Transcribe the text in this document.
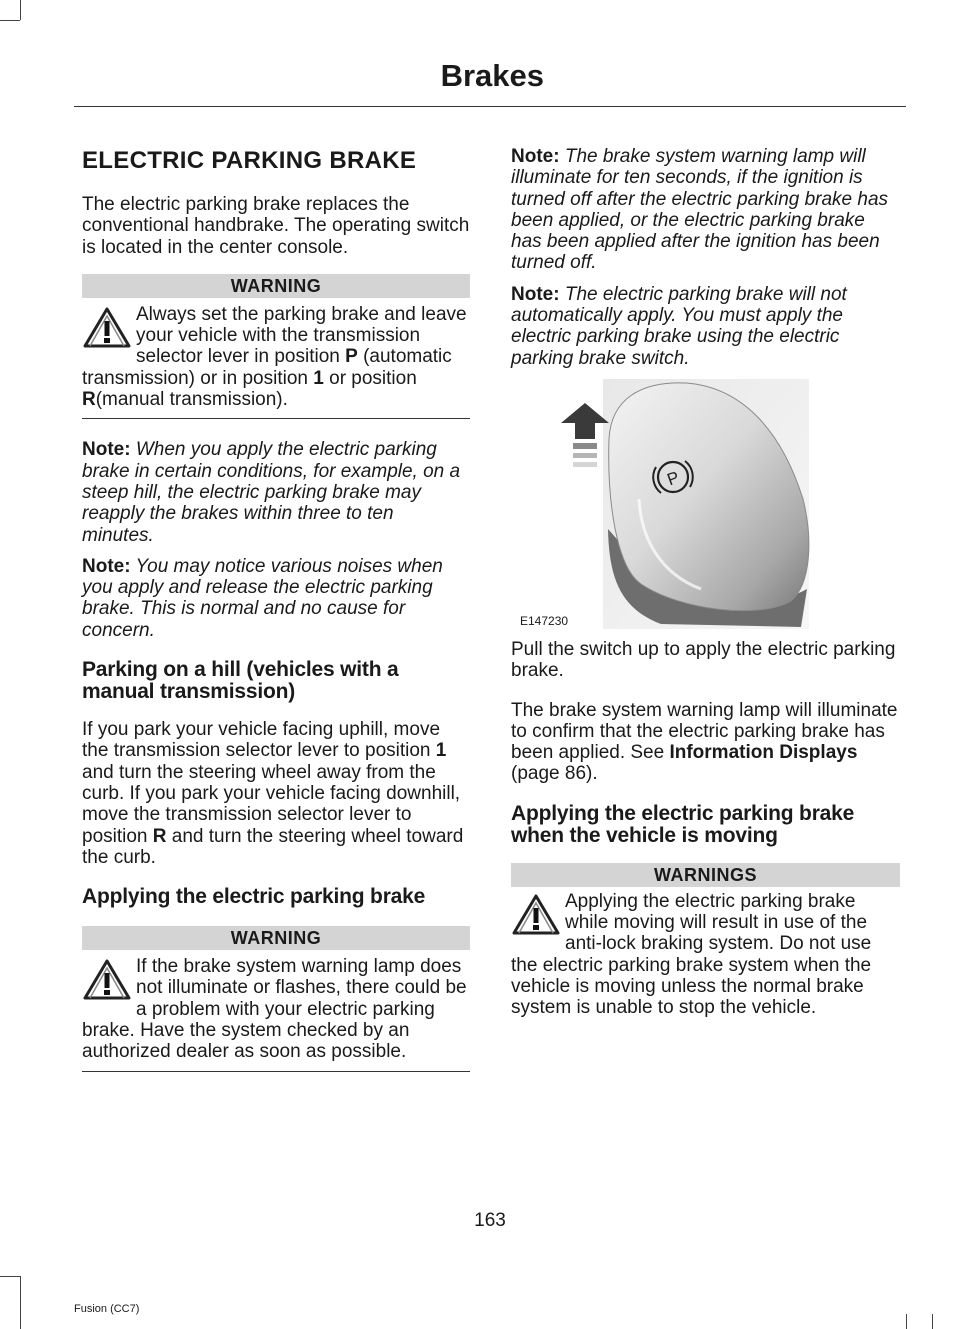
Brakes
ELECTRIC PARKING BRAKE

The electric parking brake replaces the conventional handbrake. The operating switch is located in the center console.

WARNING
Always set the parking brake and leave your vehicle with the transmission selector lever in position P (automatic transmission) or in position 1 or position R(manual transmission).

Note: When you apply the electric parking brake in certain conditions, for example, on a steep hill, the electric parking brake may reapply the brakes within three to ten minutes.

Note: You may notice various noises when you apply and release the electric parking brake. This is normal and no cause for concern.

Parking on a hill (vehicles with a manual transmission)

If you park your vehicle facing uphill, move the transmission selector lever to position 1 and turn the steering wheel away from the curb. If you park your vehicle facing downhill, move the transmission selector lever to position R and turn the steering wheel toward the curb.

Applying the electric parking brake
WARNING
If the brake system warning lamp does not illuminate or flashes, there could be a problem with your electric parking brake. Have the system checked by an authorized dealer as soon as possible.

Note: The brake system warning lamp will illuminate for ten seconds, if the ignition is turned off after the electric parking brake has been applied, or the electric parking brake has been applied after the ignition has been turned off.

Note: The electric parking brake will not automatically apply. You must apply the electric parking brake using the electric parking brake switch.

P
E147230

Pull the switch up to apply the electric parking brake.

The brake system warning lamp will illuminate to confirm that the electric parking brake has been applied. See Information Displays (page 86).

Applying the electric parking brake when the vehicle is moving
WARNINGS
Applying the electric parking brake while moving will result in use of the anti-lock braking system. Do not use the electric parking brake system when the vehicle is moving unless the normal brake system is unable to stop the vehicle.
163
Fusion (CC7)
